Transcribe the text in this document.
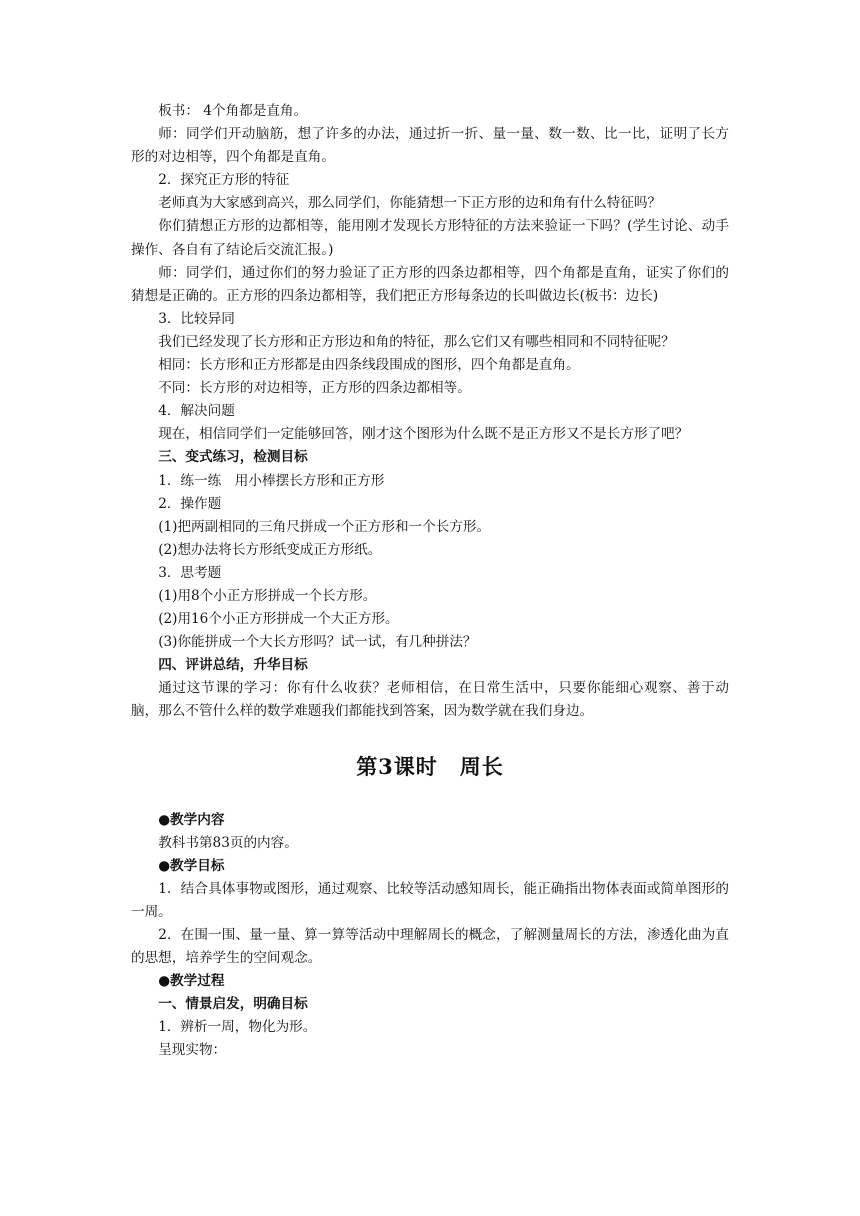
板书： 4个角都是直角。

师：同学们开动脑筋，想了许多的办法，通过折一折、量一量、数一数、比一比，证明了长方形的对边相等，四个角都是直角。

2．探究正方形的特征

老师真为大家感到高兴，那么同学们，你能猜想一下正方形的边和角有什么特征吗？

你们猜想正方形的边都相等，能用刚才发现长方形特征的方法来验证一下吗？(学生讨论、动手操作、各自有了结论后交流汇报。)

师：同学们，通过你们的努力验证了正方形的四条边都相等，四个角都是直角，证实了你们的猜想是正确的。正方形的四条边都相等，我们把正方形每条边的长叫做边长(板书：边长)

3．比较异同

我们已经发现了长方形和正方形边和角的特征，那么它们又有哪些相同和不同特征呢？

相同：长方形和正方形都是由四条线段围成的图形，四个角都是直角。

不同：长方形的对边相等，正方形的四条边都相等。

4．解决问题

现在，相信同学们一定能够回答，刚才这个图形为什么既不是正方形又不是长方形了吧？

三、变式练习，检测目标

1．练一练　用小棒摆长方形和正方形

2．操作题

(1)把两副相同的三角尺拼成一个正方形和一个长方形。

(2)想办法将长方形纸变成正方形纸。

3．思考题

(1)用8个小正方形拼成一个长方形。

(2)用16个小正方形拼成一个大正方形。

(3)你能拼成一个大长方形吗？试一试，有几种拼法？

四、评讲总结，升华目标

通过这节课的学习：你有什么收获？老师相信，在日常生活中，只要你能细心观察、善于动脑，那么不管什么样的数学难题我们都能找到答案，因为数学就在我们身边。

第3课时　周长

●教学内容

教科书第83页的内容。

●教学目标

1．结合具体事物或图形，通过观察、比较等活动感知周长，能正确指出物体表面或简单图形的一周。

2．在围一围、量一量、算一算等活动中理解周长的概念，了解测量周长的方法，渗透化曲为直的思想，培养学生的空间观念。

●教学过程

一、情景启发，明确目标

1．辨析一周，物化为形。

呈现实物：
